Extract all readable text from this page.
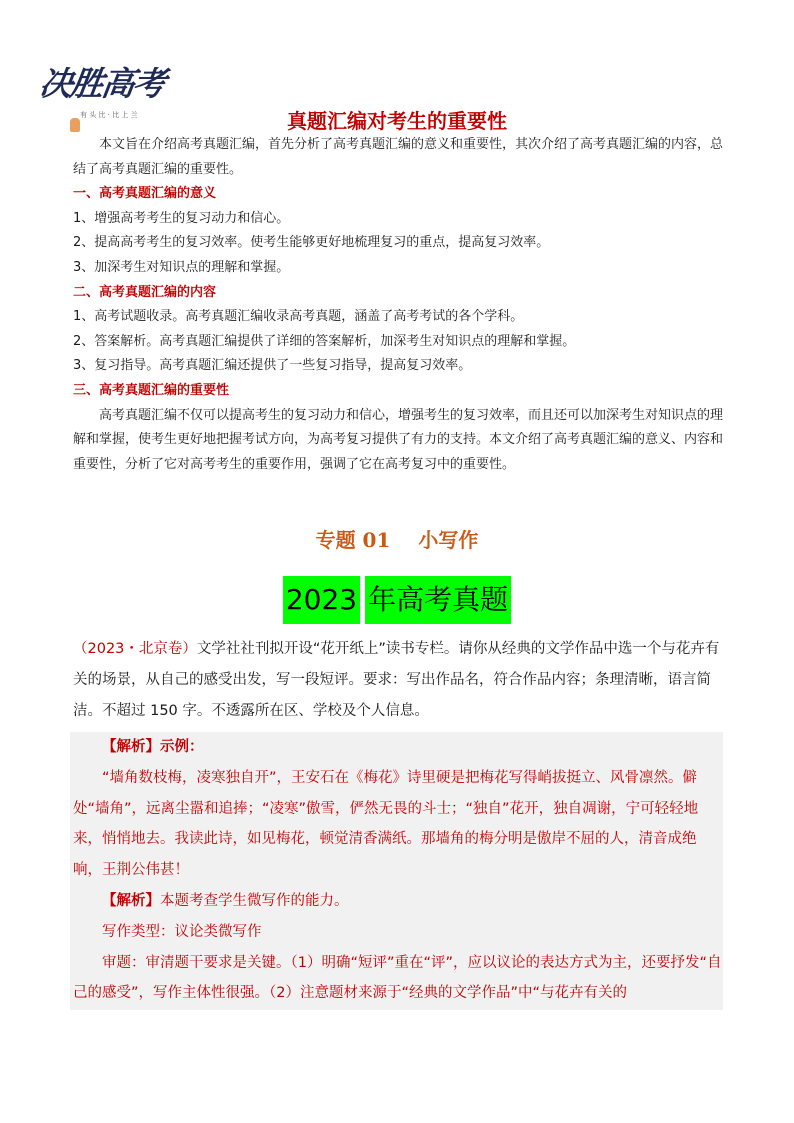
决胜高考
有 头 比 · 比 上 兰	真题汇编对考生的重要性

本文旨在介绍高考真题汇编，首先分析了高考真题汇编的意义和重要性，其次介绍了高考真题汇编的内容，总结了高考真题汇编的重要性。

一、高考真题汇编的意义

1、增强高考考生的复习动力和信心。

2、提高高考考生的复习效率。使考生能够更好地梳理复习的重点，提高复习效率。

3、加深考生对知识点的理解和掌握。

二、高考真题汇编的内容

1、高考试题收录。高考真题汇编收录高考真题，涵盖了高考考试的各个学科。

2、答案解析。高考真题汇编提供了详细的答案解析，加深考生对知识点的理解和掌握。

3、复习指导。高考真题汇编还提供了一些复习指导，提高复习效率。

三、高考真题汇编的重要性

高考真题汇编不仅可以提高考生的复习动力和信心，增强考生的复习效率，而且还可以加深考生对知识点的理解和掌握，使考生更好地把握考试方向，为高考复习提供了有力的支持。本文介绍了高考真题汇编的意义、内容和重要性，分析了它对高考考生的重要作用，强调了它在高考复习中的重要性。

专题 01 小写作
2023 年高考真题
（2023・北京卷）文学社社刊拟开设“花开纸上”读书专栏。请你从经典的文学作品中选一个与花卉有关的场景，从自己的感受出发，写一段短评。要求：写出作品名，符合作品内容；条理清晰，语言简洁。不超过 150 字。不透露所在区、学校及个人信息。

【解析】示例：

“墙角数枝梅，凌寒独自开”，王安石在《梅花》诗里硬是把梅花写得峭拔挺立、风骨凛然。僻处“墙角”，远离尘嚣和追捧；“凌寒”傲雪，俨然无畏的斗士；“独自”花开，独自凋谢，宁可轻轻地来，悄悄地去。我读此诗，如见梅花，顿觉清香满纸。那墙角的梅分明是傲岸不屈的人，清音成绝响，王荆公伟甚！

【解析】本题考查学生微写作的能力。

写作类型：议论类微写作

审题：审清题干要求是关键。（1）明确“短评”重在“评”，应以议论的表达方式为主，还要抒发“自己的感受”，写作主体性很强。（2）注意题材来源于“经典的文学作品”中“与花卉有关的
